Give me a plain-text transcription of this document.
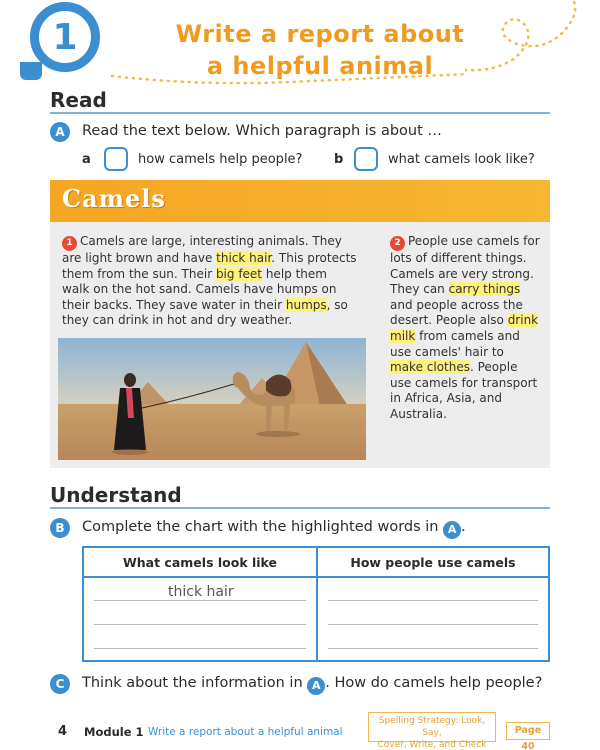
1	Write a report about
a helpful animal
Read
A	Read the text below. Which paragraph is about …
a	how camels help people? b	what camels look like?
Camels
1 Camels are large, interesting animals. They are light brown and have thick hair. This protects them from the sun. Their big feet help them walk on the hot sand. Camels have humps on their backs. They save water in their humps, so they can drink in hot and dry weather.
2 People use camels for lots of different things. Camels are very strong. They can carry things and people across the desert. People also drink milk from camels and use camels' hair to make clothes. People use camels for transport in Africa, Asia, and Australia.
Understand
B	Complete the chart with the highlighted words in A .
What camels look like	How people use camels
thick hair
C	Think about the information in A . How do camels help people?
4 Module 1 Write a report about a helpful animal
Spelling Strategy: Look, Say,
Cover, Write, and Check
Page 40
